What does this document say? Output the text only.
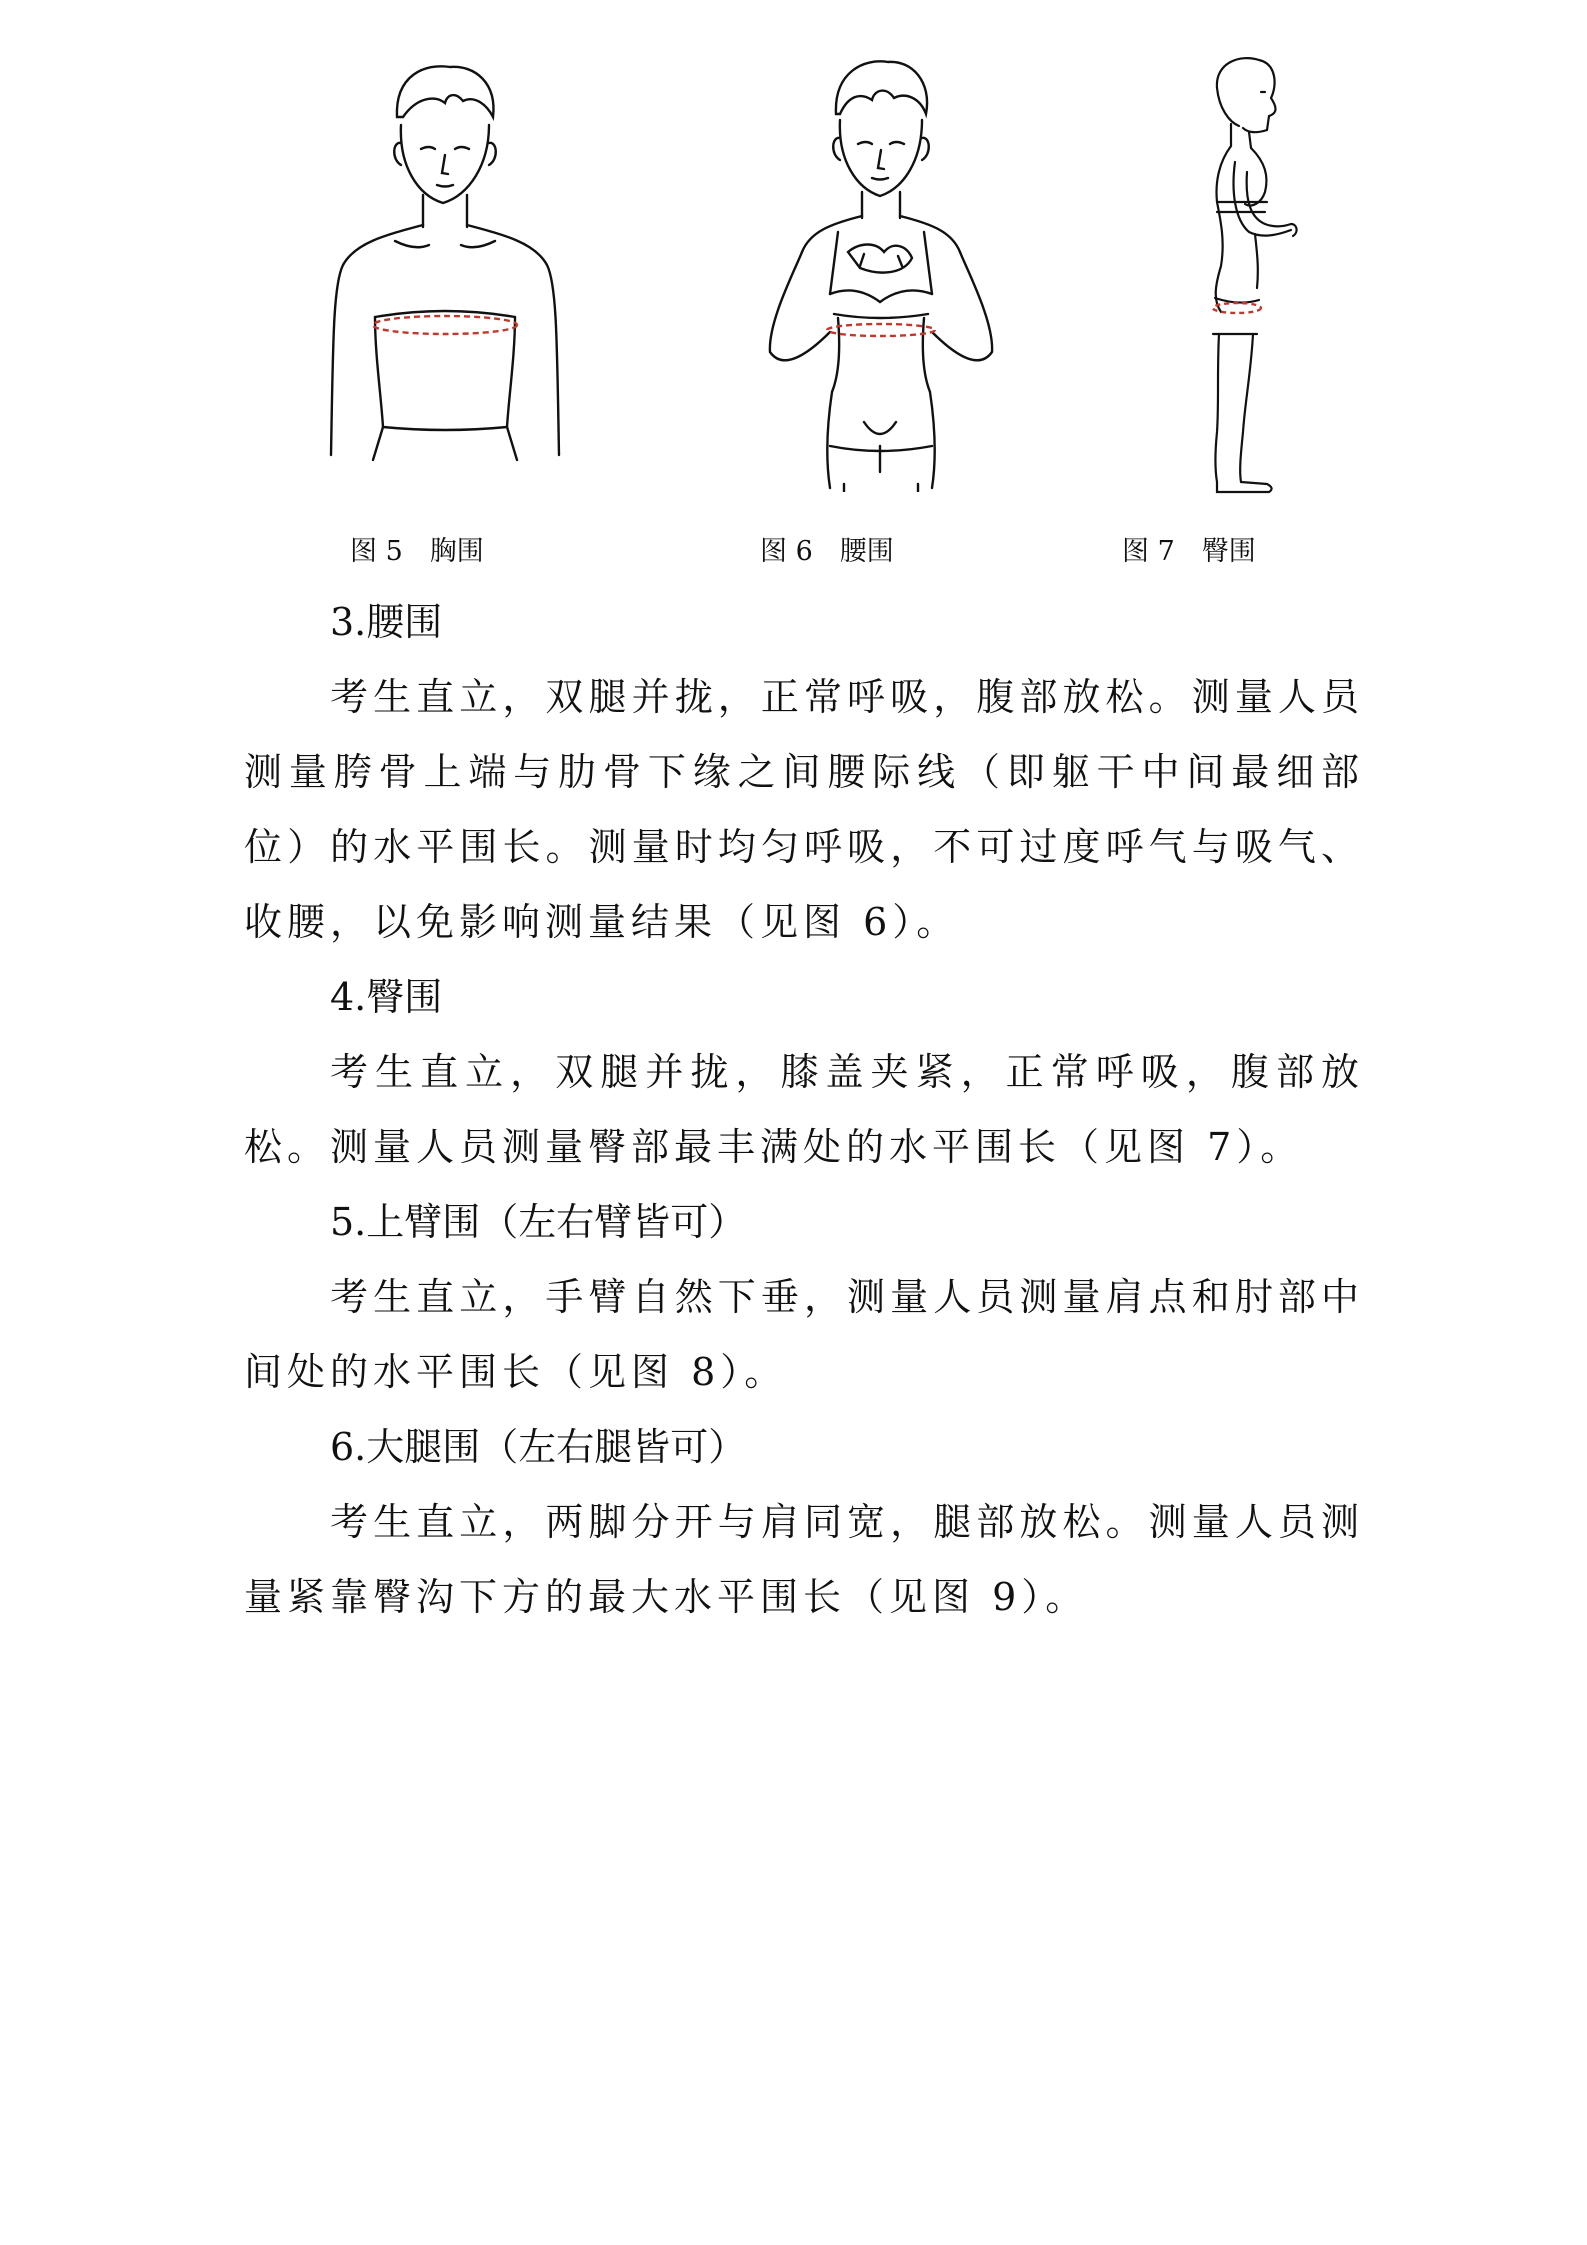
图 5　胸围	图 6　腰围	图 7　臀围
3.腰围

考生直立，双腿并拢，正常呼吸，腹部放松。测量人员测量胯骨上端与肋骨下缘之间腰际线（即躯干中间最细部位）的水平围长。测量时均匀呼吸，不可过度呼气与吸气、收腰，以免影响测量结果（见图 6）。

4.臀围

考生直立，双腿并拢，膝盖夹紧，正常呼吸，腹部放松。测量人员测量臀部最丰满处的水平围长（见图 7）。

5.上臂围（左右臂皆可）

考生直立，手臂自然下垂，测量人员测量肩点和肘部中间处的水平围长（见图 8）。

6.大腿围（左右腿皆可）

考生直立，两脚分开与肩同宽，腿部放松。测量人员测量紧靠臀沟下方的最大水平围长（见图 9）。
